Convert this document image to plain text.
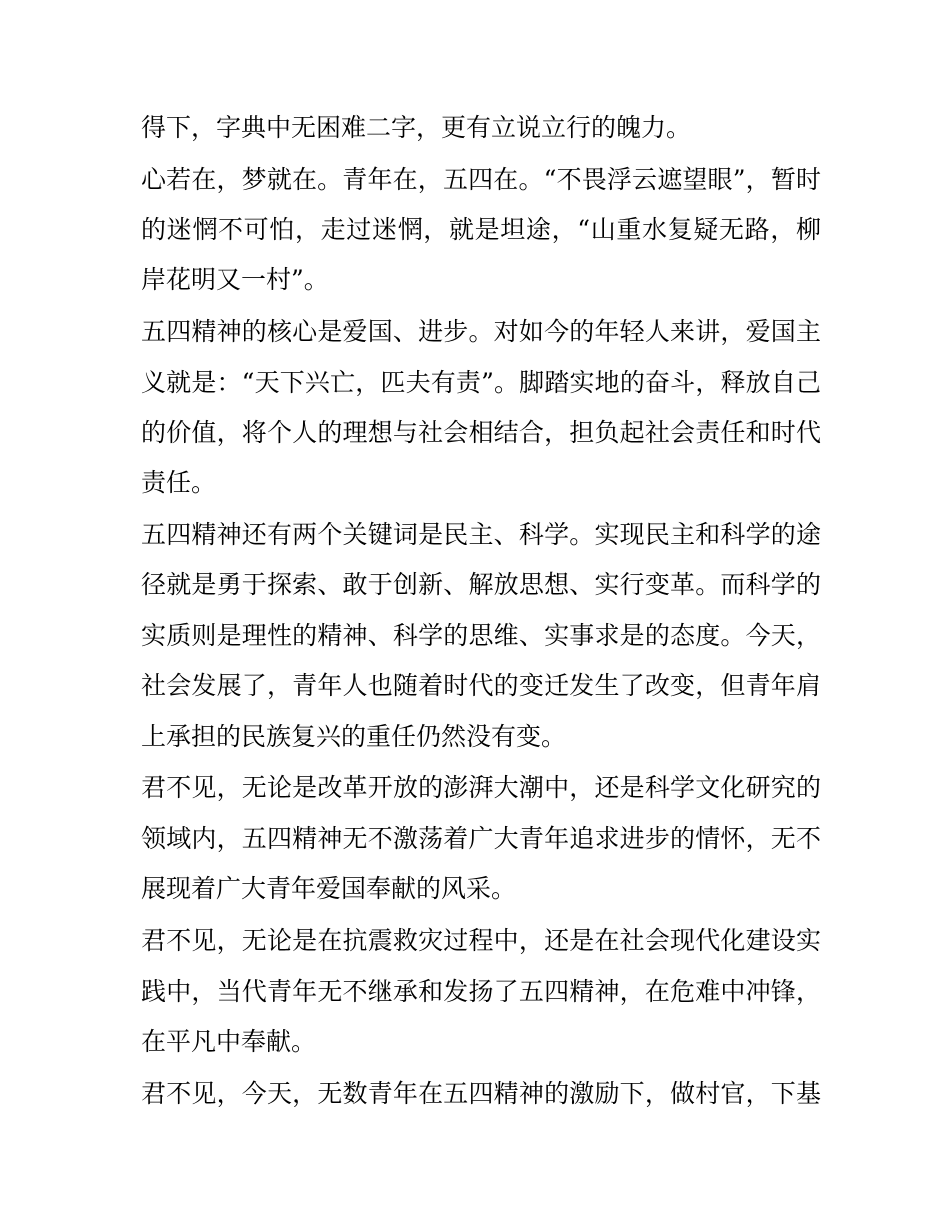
得下，字典中无困难二字，更有立说立行的魄力。
心若在，梦就在。青年在，五四在。“不畏浮云遮望眼”，暂时
的迷惘不可怕，走过迷惘，就是坦途，“山重水复疑无路，柳
岸花明又一村”。
五四精神的核心是爱国、进步。对如今的年轻人来讲，爱国主
义就是：“天下兴亡，匹夫有责”。脚踏实地的奋斗，释放自己
的价值，将个人的理想与社会相结合，担负起社会责任和时代
责任。
五四精神还有两个关键词是民主、科学。实现民主和科学的途
径就是勇于探索、敢于创新、解放思想、实行变革。而科学的
实质则是理性的精神、科学的思维、实事求是的态度。今天，
社会发展了，青年人也随着时代的变迁发生了改变，但青年肩
上承担的民族复兴的重任仍然没有变。
君不见，无论是改革开放的澎湃大潮中，还是科学文化研究的
领域内，五四精神无不激荡着广大青年追求进步的情怀，无不
展现着广大青年爱国奉献的风采。
君不见，无论是在抗震救灾过程中，还是在社会现代化建设实
践中，当代青年无不继承和发扬了五四精神，在危难中冲锋，
在平凡中奉献。
君不见，今天，无数青年在五四精神的激励下，做村官，下基
